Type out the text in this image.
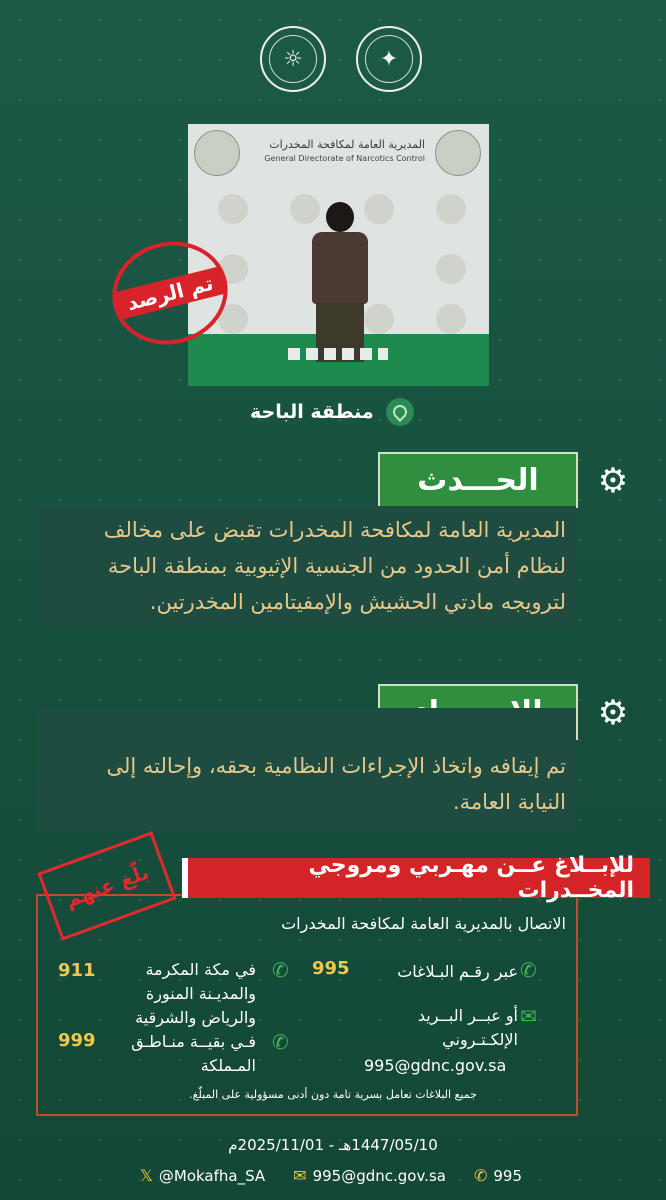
☼	✦
المديرية العامة لمكافحة المخدرات
General Directorate of Narcotics Control
تم الرصد
منطقة الباحة
⚙
الحـــدث
المديرية العامة لمكافحة المخدرات تقبض على مخالف
لنظام أمن الحدود من الجنسية الإثيوبية بمنطقة الباحة
لترويجه مادتي الحشيش والإمفيتامين المخدرتين.
⚙
تم إيقافه واتخاذ الإجراءات النظامية بحقه، وإحالته إلى
النيابة العامة.
للإبــلاغ عــن مهـربي ومروجي المخــدرات
بلّغ عنهم
الاتصال بالمديرية العامة لمكافحة المخدرات
✆
عبر رقـم البـلاغات
995
✉
أو عبــر البــريد الإلكـتـروني
995@gdnc.gov.sa
✆
في مكة المكرمة والمديـنة المنورة والرياض والشرقية
911
✆
فـي بقيــة منـاطـق المـملكة
999
جميع البلاغات تعامل بسرية تامة دون أدنى مسؤولية على المبلّغ.
1447/05/10هـ - 2025/11/01م
𝕏 @Mokafha_SA ✉ 995@gdnc.gov.sa ✆ 995
